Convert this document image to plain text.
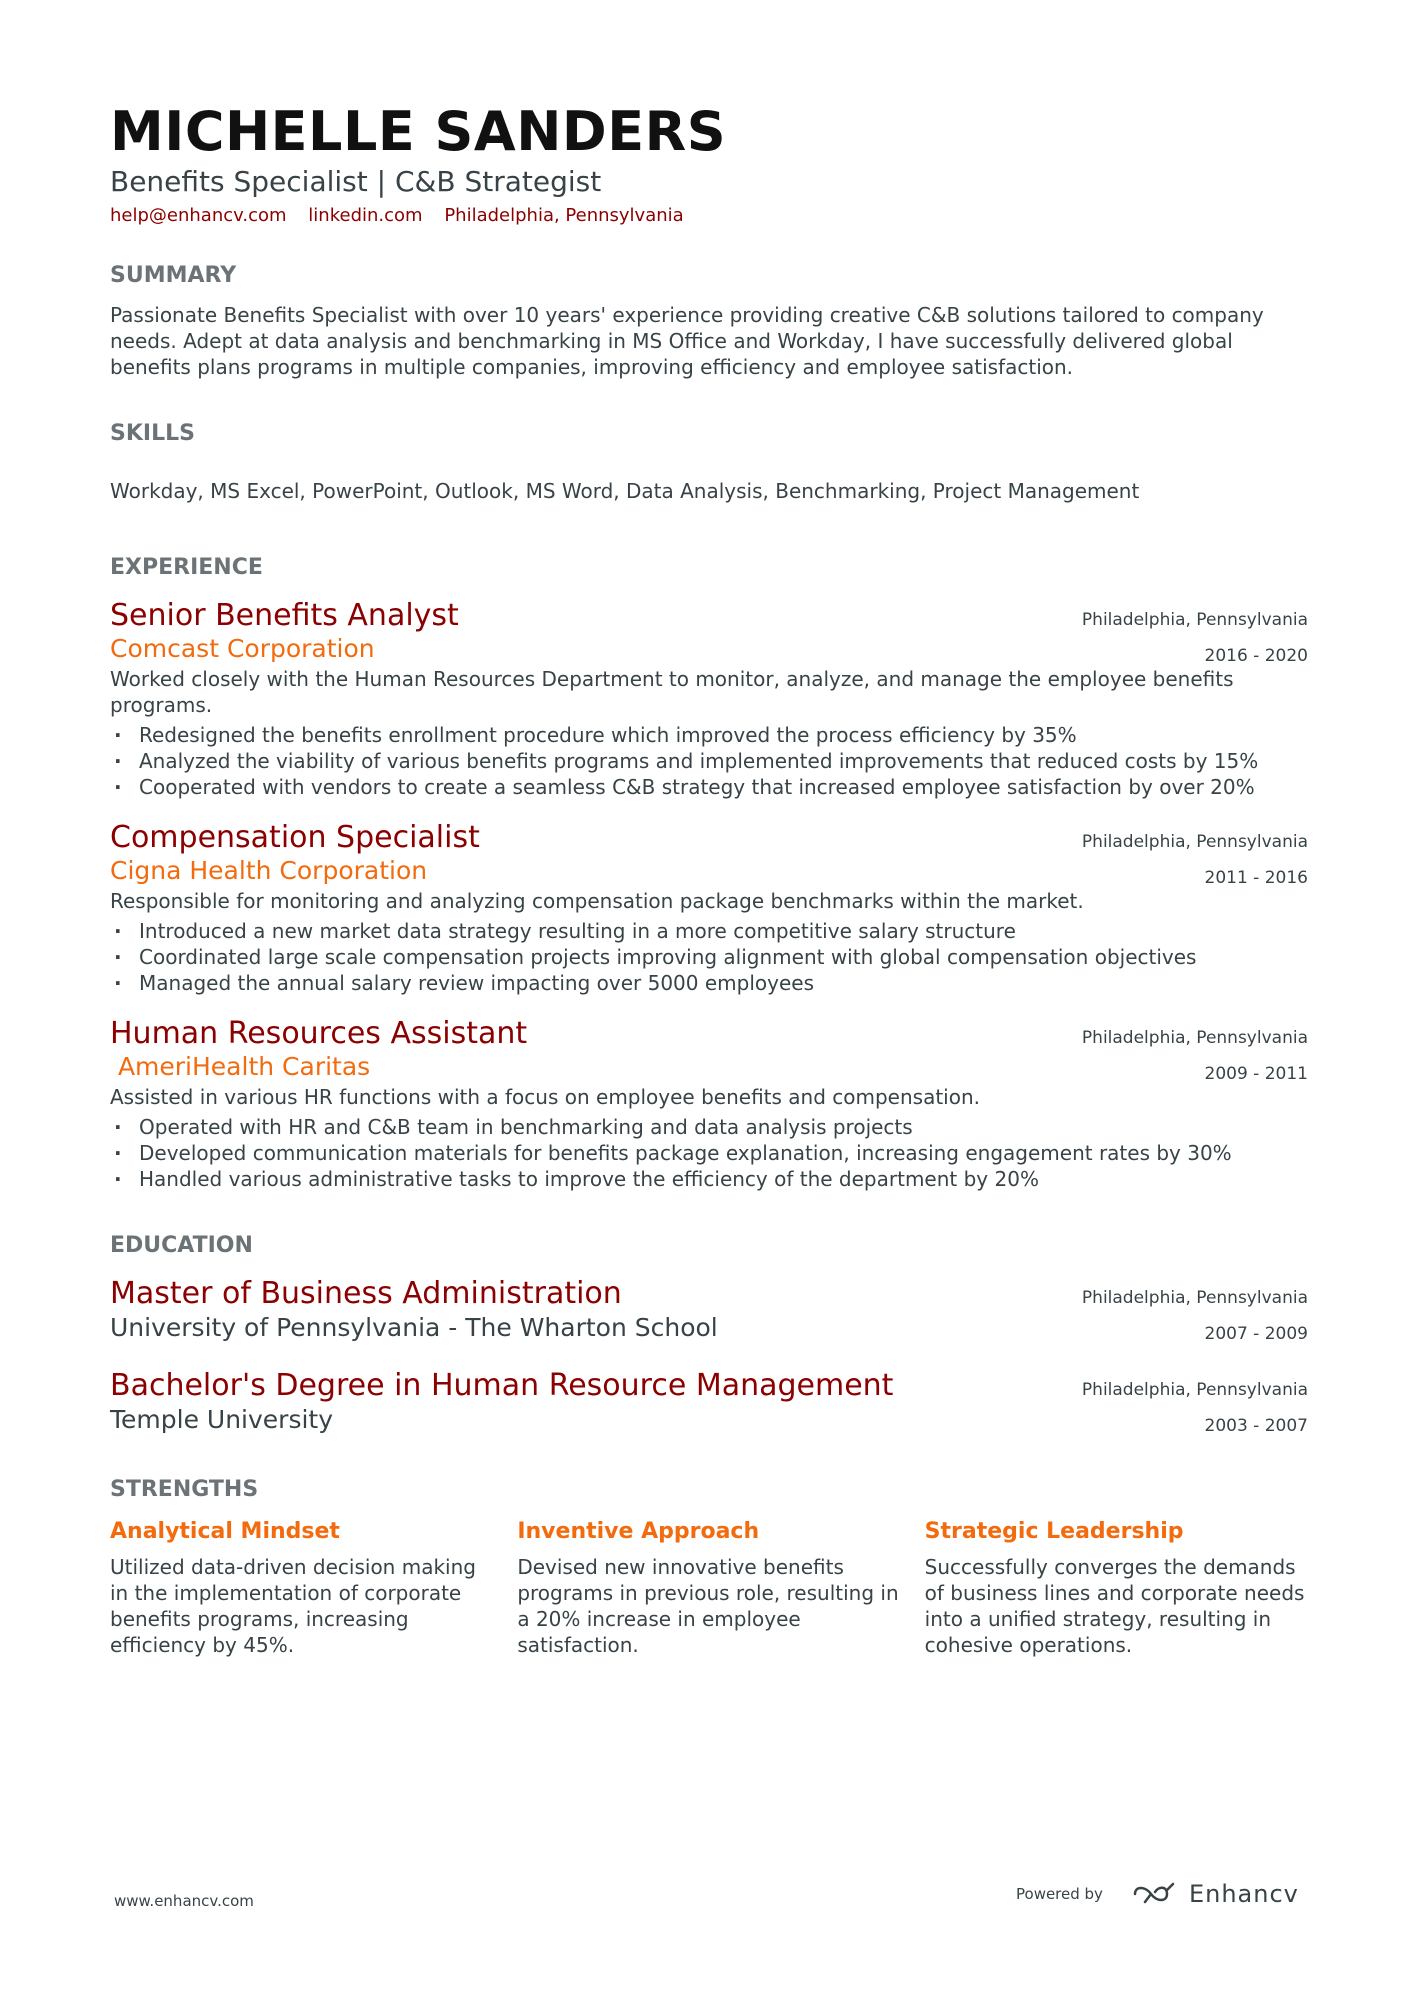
MICHELLE SANDERS
Benefits Specialist | C&B Strategist
help@enhancv.com linkedin.com Philadelphia, Pennsylvania
SUMMARY
Passionate Benefits Specialist with over 10 years' experience providing creative C&B solutions tailored to company needs. Adept at data analysis and benchmarking in MS Office and Workday, I have successfully delivered global benefits plans programs in multiple companies, improving efficiency and employee satisfaction.
SKILLS
Workday, MS Excel, PowerPoint, Outlook, MS Word, Data Analysis, Benchmarking, Project Management
EXPERIENCE
Philadelphia, Pennsylvania
2016 - 2020
Senior Benefits Analyst
Comcast Corporation
Worked closely with the Human Resources Department to monitor, analyze, and manage the employee benefits programs.
· Redesigned the benefits enrollment procedure which improved the process efficiency by 35%
· Analyzed the viability of various benefits programs and implemented improvements that reduced costs by 15%
· Cooperated with vendors to create a seamless C&B strategy that increased employee satisfaction by over 20%
Philadelphia, Pennsylvania
2011 - 2016
Compensation Specialist
Cigna Health Corporation
Responsible for monitoring and analyzing compensation package benchmarks within the market.
· Introduced a new market data strategy resulting in a more competitive salary structure
· Coordinated large scale compensation projects improving alignment with global compensation objectives
· Managed the annual salary review impacting over 5000 employees
Philadelphia, Pennsylvania
2009 - 2011
Human Resources Assistant
AmeriHealth Caritas
Assisted in various HR functions with a focus on employee benefits and compensation.
· Operated with HR and C&B team in benchmarking and data analysis projects
· Developed communication materials for benefits package explanation, increasing engagement rates by 30%
· Handled various administrative tasks to improve the efficiency of the department by 20%
EDUCATION
Philadelphia, Pennsylvania
2007 - 2009
Master of Business Administration
University of Pennsylvania - The Wharton School
Philadelphia, Pennsylvania
2003 - 2007
Bachelor's Degree in Human Resource Management
Temple University
STRENGTHS
Analytical Mindset
Utilized data-driven decision making in the implementation of corporate benefits programs, increasing efficiency by 45%.
Inventive Approach
Devised new innovative benefits programs in previous role, resulting in a 20% increase in employee satisfaction.
Strategic Leadership
Successfully converges the demands of business lines and corporate needs into a unified strategy, resulting in cohesive operations.
www.enhancv.com	Powered by	Enhancv
